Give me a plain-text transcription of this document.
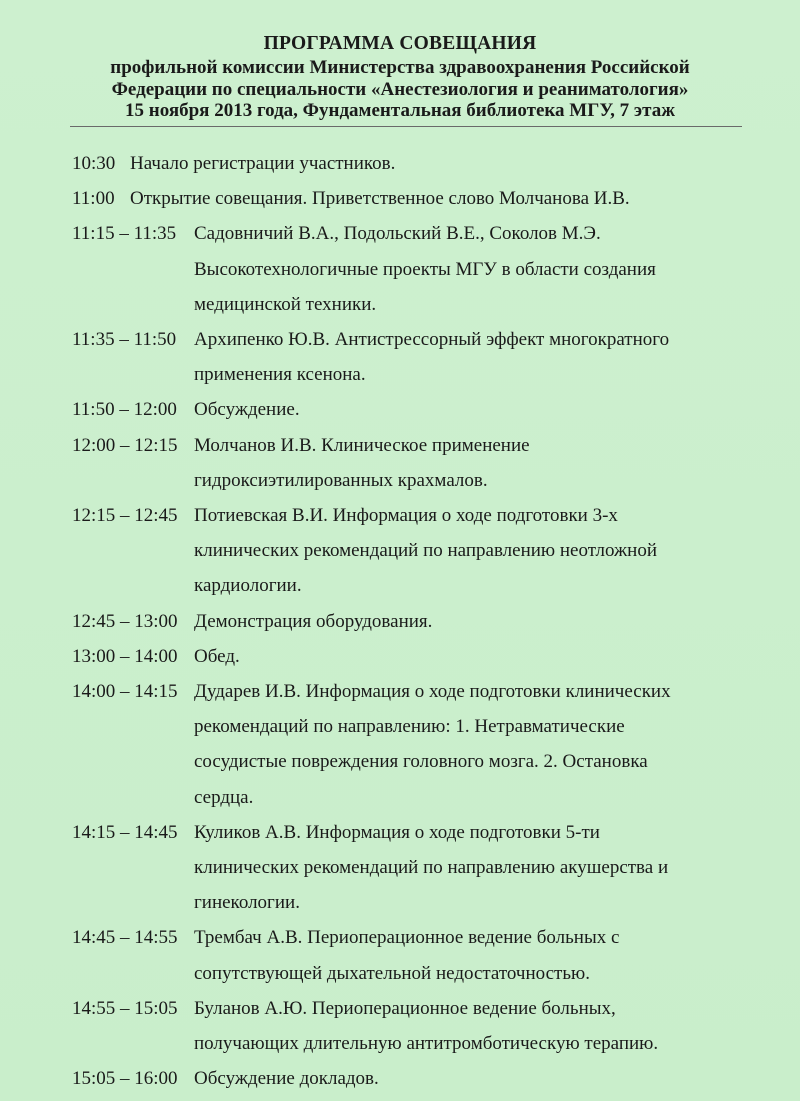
ПРОГРАММА СОВЕЩАНИЯ
профильной комиссии Министерства здравоохранения Российской
Федерации по специальности «Анестезиология и реаниматология»
15 ноября 2013 года, Фундаментальная библиотека МГУ, 7 этаж
10:30 Начало регистрации участников.
11:00 Открытие совещания. Приветственное слово Молчанова И.В.
11:15 – 11:35 Садовничий В.А., Подольский В.Е., Соколов М.Э.
Высокотехнологичные проекты МГУ в области создания
медицинской техники.
11:35 – 11:50 Архипенко Ю.В. Антистрессорный эффект многократного
применения ксенона.
11:50 – 12:00 Обсуждение.
12:00 – 12:15 Молчанов И.В. Клиническое применение
гидроксиэтилированных крахмалов.
12:15 – 12:45 Потиевская В.И. Информация о ходе подготовки 3-х
клинических рекомендаций по направлению неотложной
кардиологии.
12:45 – 13:00 Демонстрация оборудования.
13:00 – 14:00 Обед.
14:00 – 14:15 Дударев И.В. Информация о ходе подготовки клинических
рекомендаций по направлению: 1. Нетравматические
сосудистые повреждения головного мозга. 2. Остановка
сердца.
14:15 – 14:45 Куликов А.В. Информация о ходе подготовки 5-ти
клинических рекомендаций по направлению акушерства и
гинекологии.
14:45 – 14:55 Трембач А.В. Периоперационное ведение больных с
сопутствующей дыхательной недостаточностью.
14:55 – 15:05 Буланов А.Ю. Периоперационное ведение больных,
получающих длительную антитромботическую терапию.
15:05 – 16:00 Обсуждение докладов.
